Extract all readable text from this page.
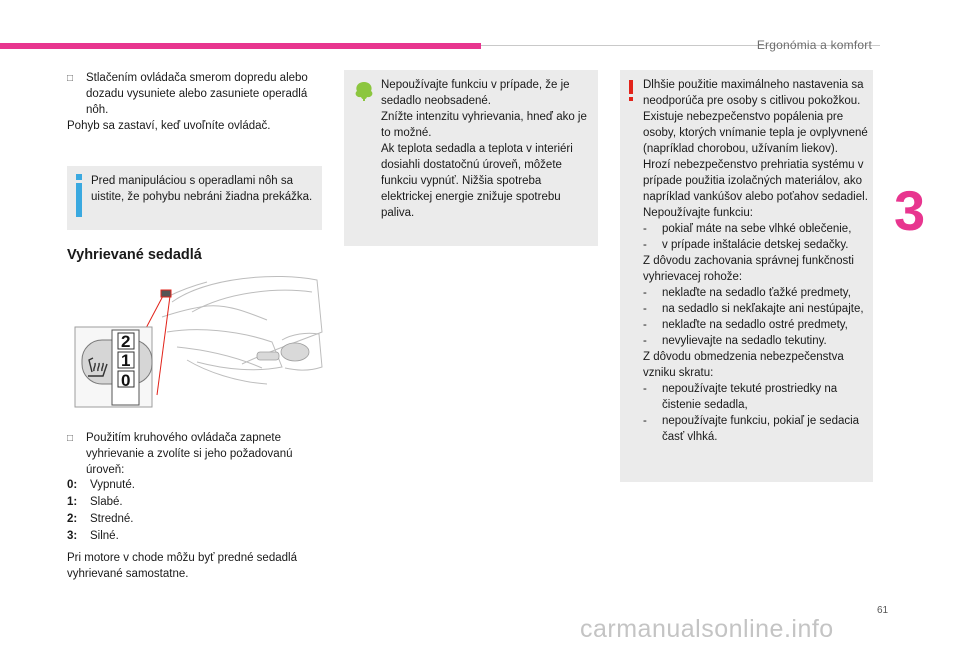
Ergonómia a komfort
3
□	Stlačením ovládača smerom dopredu alebo dozadu vysuniete alebo zasuniete operadlá nôh.
Pohyb sa zastaví, keď uvoľníte ovládač.
Pred manipuláciou s operadlami nôh sa uistite, že pohybu nebráni žiadna prekážka.
Vyhrievané sedadlá
2
1
0
□	Použitím kruhového ovládača zapnete vyhrievanie a zvolíte si jeho požadovanú úroveň:
0:	Vypnuté.
1:	Slabé.
2:	Stredné.
3:	Silné.
Pri motore v chode môžu byť predné sedadlá vyhrievané samostatne.
Nepoužívajte funkciu v prípade, že je sedadlo neobsadené.
Znížte intenzitu vyhrievania, hneď ako je to možné.
Ak teplota sedadla a teplota v interiéri dosiahli dostatočnú úroveň, môžete funkciu vypnúť. Nižšia spotreba elektrickej energie znižuje spotrebu paliva.
Dlhšie použitie maximálneho nastavenia sa neodporúča pre osoby s citlivou pokožkou.
Existuje nebezpečenstvo popálenia pre osoby, ktorých vnímanie tepla je ovplyvnené (napríklad chorobou, užívaním liekov).
Hrozí nebezpečenstvo prehriatia systému v prípade použitia izolačných materiálov, ako napríklad vankúšov alebo poťahov sedadiel.
Nepoužívajte funkciu:
-	pokiaľ máte na sebe vlhké oblečenie,
-	v prípade inštalácie detskej sedačky.
Z dôvodu zachovania správnej funkčnosti vyhrievacej rohože:
-	neklaďte na sedadlo ťažké predmety,
-	na sedadlo si nekľakajte ani nestúpajte,
-	neklaďte na sedadlo ostré predmety,
-	nevylievajte na sedadlo tekutiny.
Z dôvodu obmedzenia nebezpečenstva vzniku skratu:
-	nepoužívajte tekuté prostriedky na čistenie sedadla,
-	nepoužívajte funkciu, pokiaľ je sedacia časť vlhká.
61
carmanualsonline.info
